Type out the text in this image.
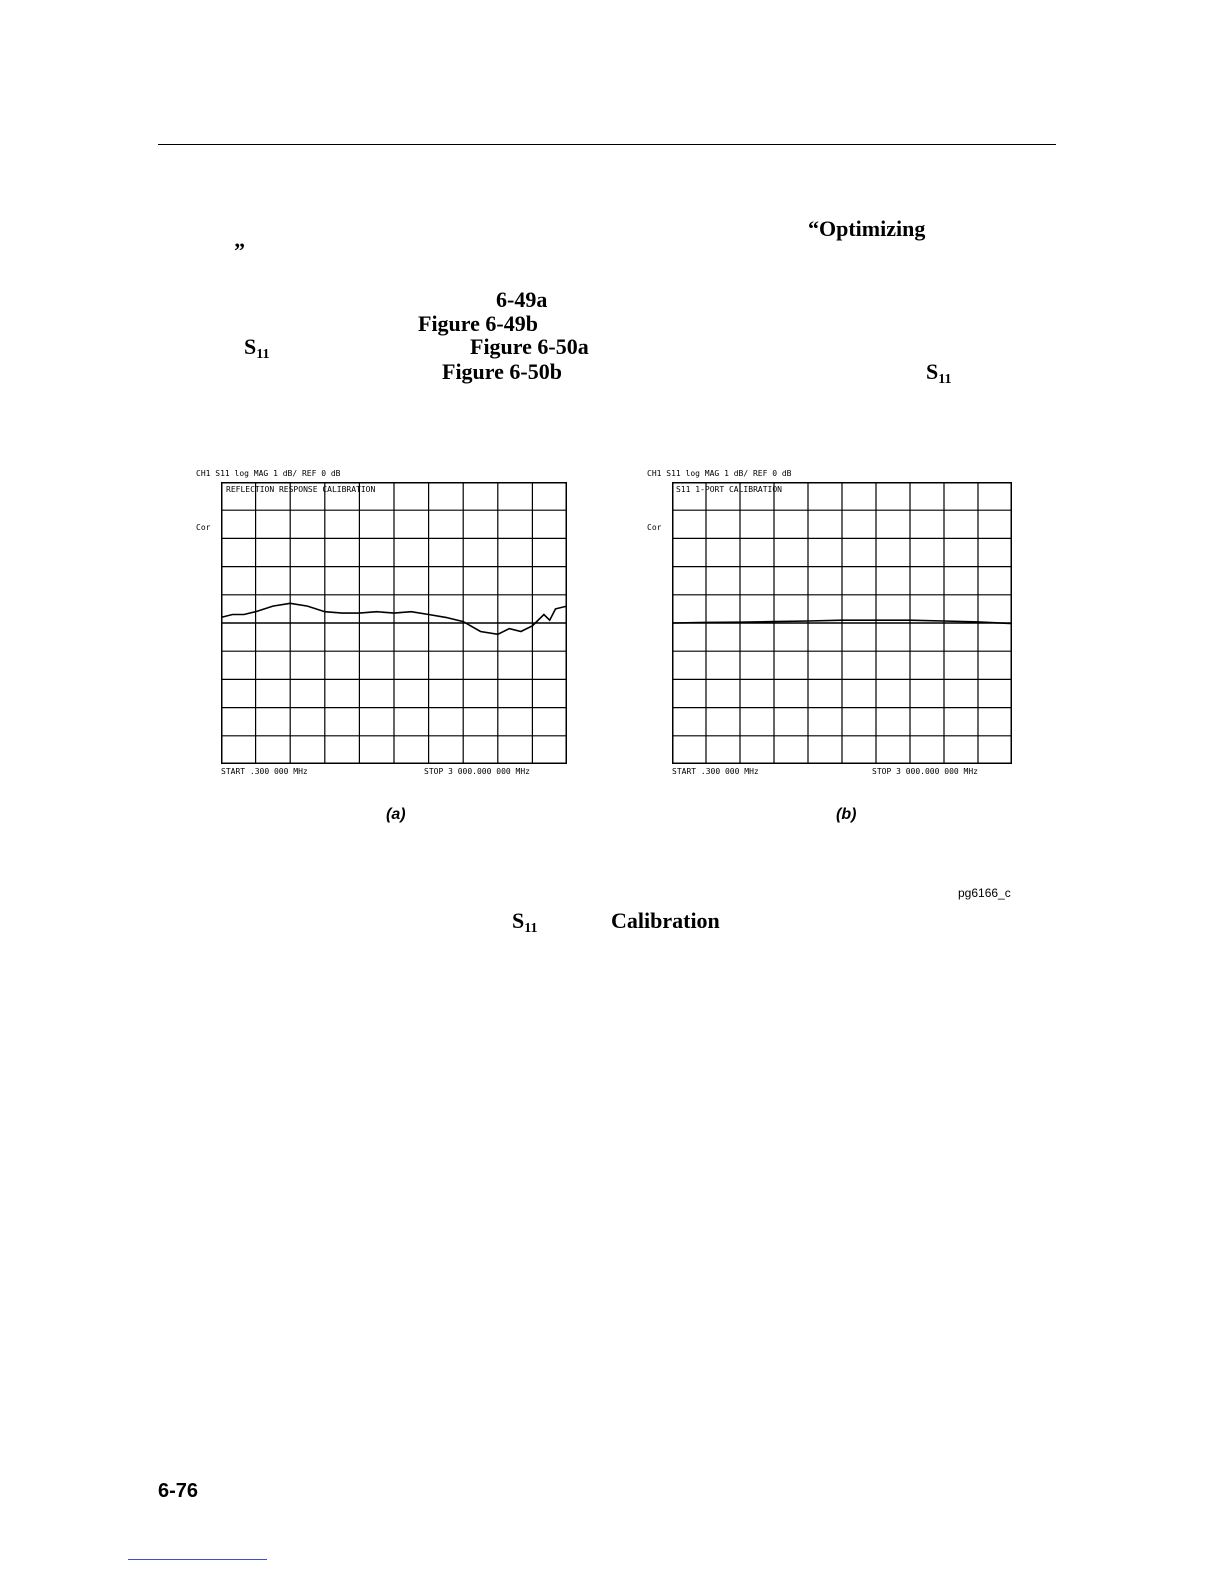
“Optimizing
”
6-49a
Figure 6-49b
S11	Figure 6-50a
Figure 6-50b	S11
CH1 S11 log MAG 1 dB/ REF 0 dB
Cor
REFLECTION RESPONSE CALIBRATION
START .300 000 MHz	STOP 3 000.000 000 MHz
(a)
CH1 S11 log MAG 1 dB/ REF 0 dB
Cor
S11 1-PORT CALIBRATION
START .300 000 MHz	STOP 3 000.000 000 MHz
(b)
pg6166_c
S11	Calibration
6-76
